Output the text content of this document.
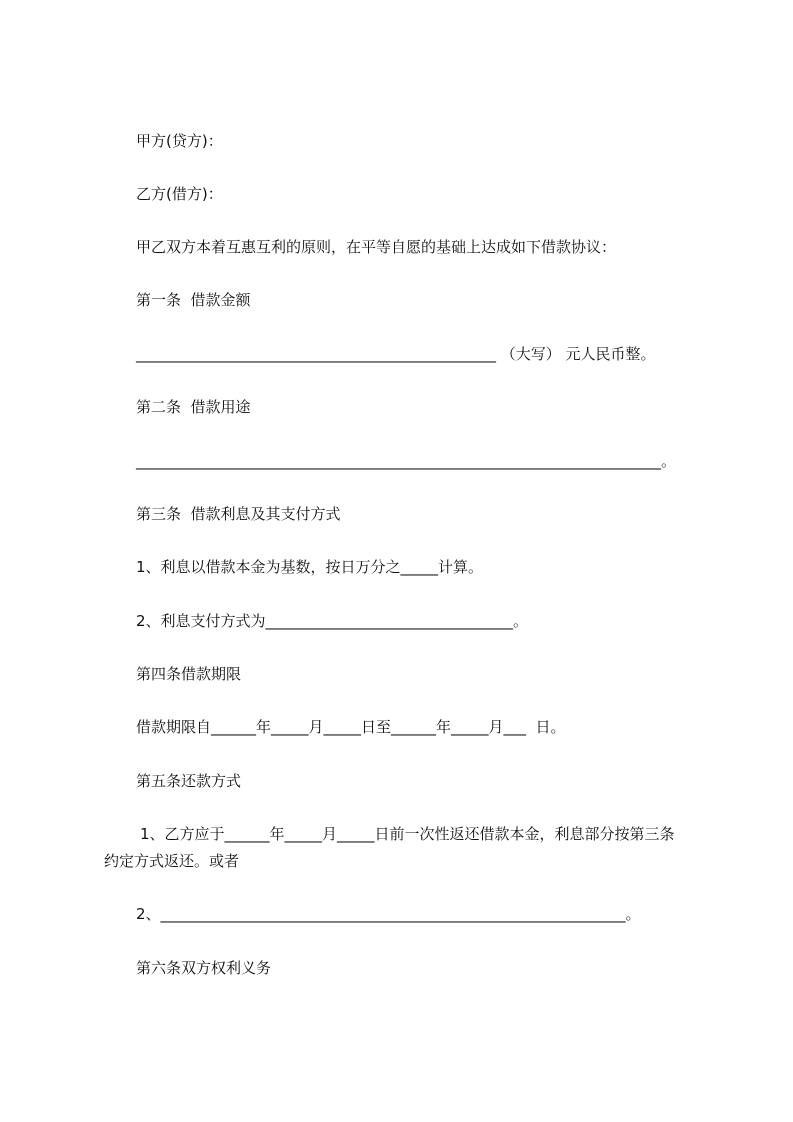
甲方(贷方)：
乙方(借方)：
甲乙双方本着互惠互利的原则，在平等自愿的基础上达成如下借款协议：
第一条  借款金额
________________________________________________ （大写） 元人民币整。
第二条  借款用途
______________________________________________________________________。
第三条  借款利息及其支付方式
1、利息以借款本金为基数，按日万分之_____计算。
2、利息支付方式为_________________________________。
第四条借款期限
借款期限自______年_____月_____日至______年_____月___  日。
第五条还款方式
1、乙方应于______年_____月_____日前一次性返还借款本金，利息部分按第三条
约定方式返还。或者
2、______________________________________________________________。
第六条双方权利义务
